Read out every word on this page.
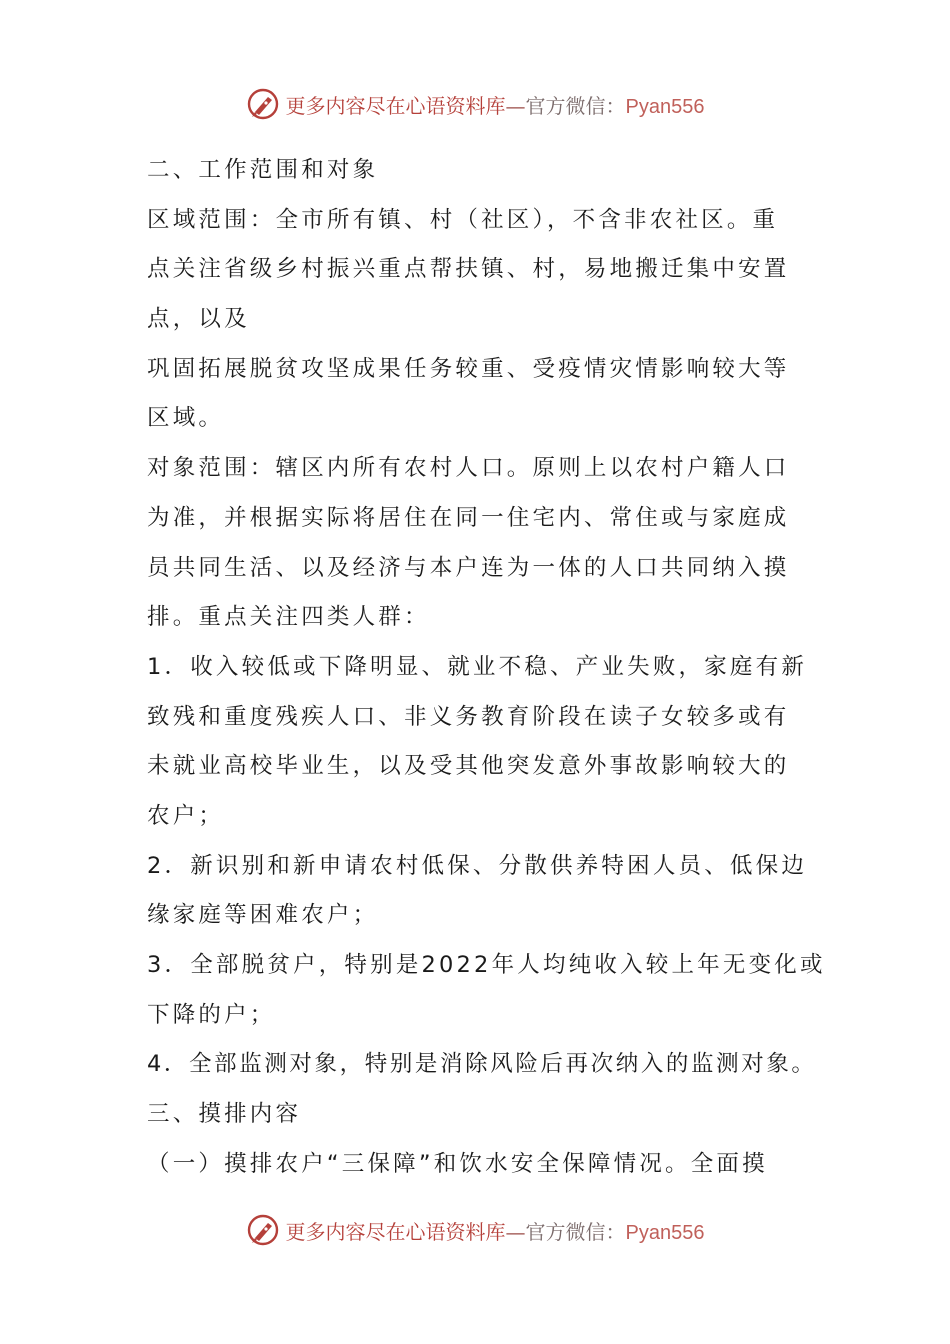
更多内容尽在心语资料库—官方微信：Pyan556
二、工作范围和对象
区域范围：全市所有镇、村（社区），不含非农社区。重
点关注省级乡村振兴重点帮扶镇、村，易地搬迁集中安置
点，以及
巩固拓展脱贫攻坚成果任务较重、受疫情灾情影响较大等
区域。
对象范围：辖区内所有农村人口。原则上以农村户籍人口
为准，并根据实际将居住在同一住宅内、常住或与家庭成
员共同生活、以及经济与本户连为一体的人口共同纳入摸
排。重点关注四类人群：
1．收入较低或下降明显、就业不稳、产业失败，家庭有新
致残和重度残疾人口、非义务教育阶段在读子女较多或有
未就业高校毕业生，以及受其他突发意外事故影响较大的
农户；
2．新识别和新申请农村低保、分散供养特困人员、低保边
缘家庭等困难农户；
3．全部脱贫户，特别是2022年人均纯收入较上年无变化或
下降的户；
4．全部监测对象，特别是消除风险后再次纳入的监测对象。
三、摸排内容
（一）摸排农户“三保障”和饮水安全保障情况。全面摸
更多内容尽在心语资料库—官方微信：Pyan556
